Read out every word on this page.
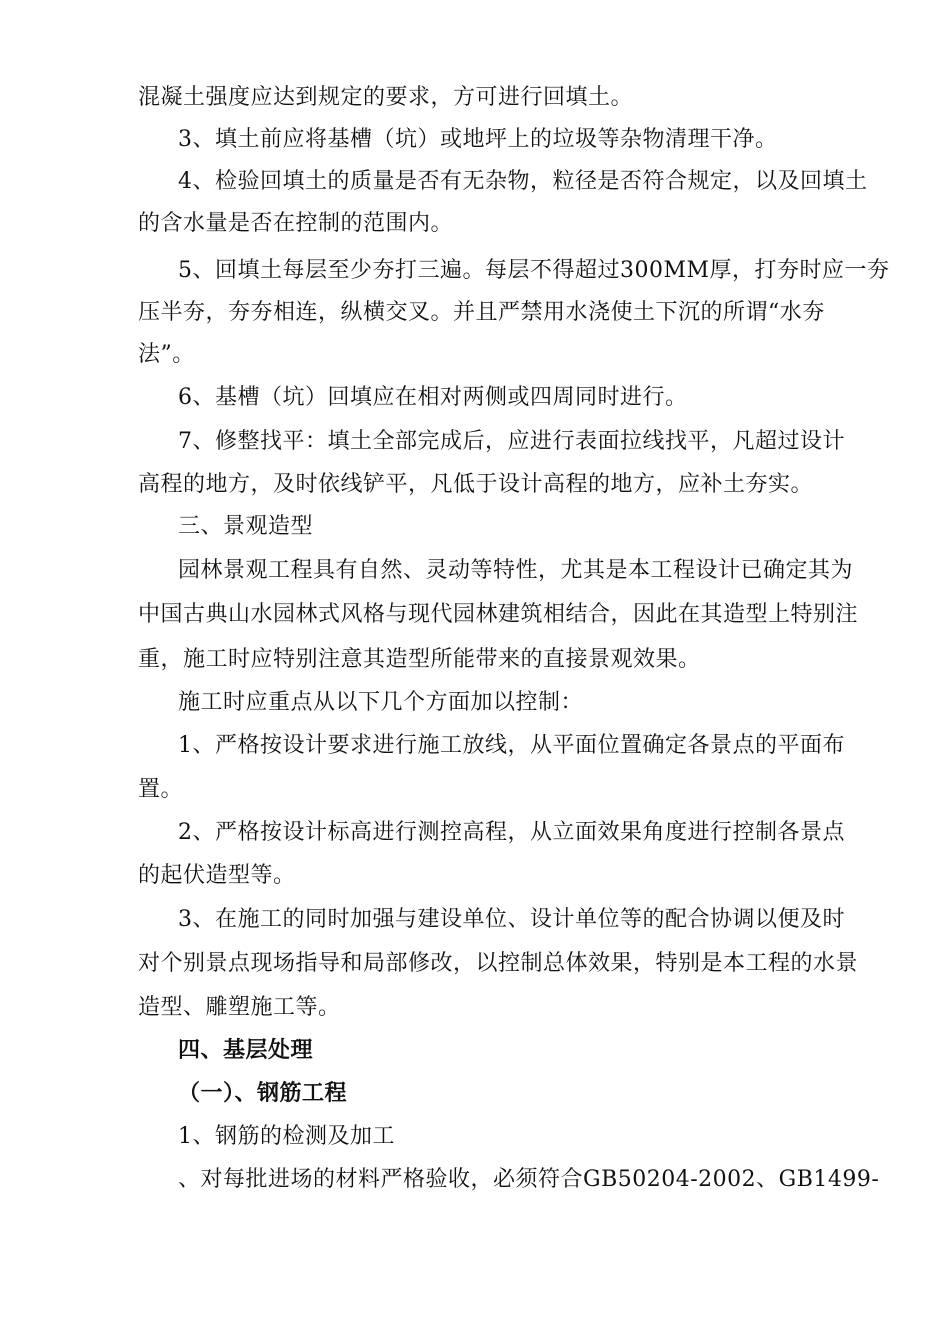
混凝土强度应达到规定的要求，方可进行回填土。
3、填土前应将基槽（坑）或地坪上的垃圾等杂物清理干净。
4、检验回填土的质量是否有无杂物，粒径是否符合规定，以及回填土
的含水量是否在控制的范围内。
5、回填土每层至少夯打三遍。每层不得超过300MM厚，打夯时应一夯
压半夯，夯夯相连，纵横交叉。并且严禁用水浇使土下沉的所谓“水夯
法”。
6、基槽（坑）回填应在相对两侧或四周同时进行。
7、修整找平：填土全部完成后，应进行表面拉线找平，凡超过设计
高程的地方，及时依线铲平，凡低于设计高程的地方，应补土夯实。
三、景观造型
园林景观工程具有自然、灵动等特性，尤其是本工程设计已确定其为
中国古典山水园林式风格与现代园林建筑相结合，因此在其造型上特别注
重，施工时应特别注意其造型所能带来的直接景观效果。
施工时应重点从以下几个方面加以控制：
1、严格按设计要求进行施工放线，从平面位置确定各景点的平面布
置。
2、严格按设计标高进行测控高程，从立面效果角度进行控制各景点
的起伏造型等。
3、在施工的同时加强与建设单位、设计单位等的配合协调以便及时
对个别景点现场指导和局部修改，以控制总体效果，特别是本工程的水景
造型、雕塑施工等。
四、基层处理
（一）、钢筋工程
1、钢筋的检测及加工
、对每批进场的材料严格验收，必须符合GB50204-2002、GB1499-
